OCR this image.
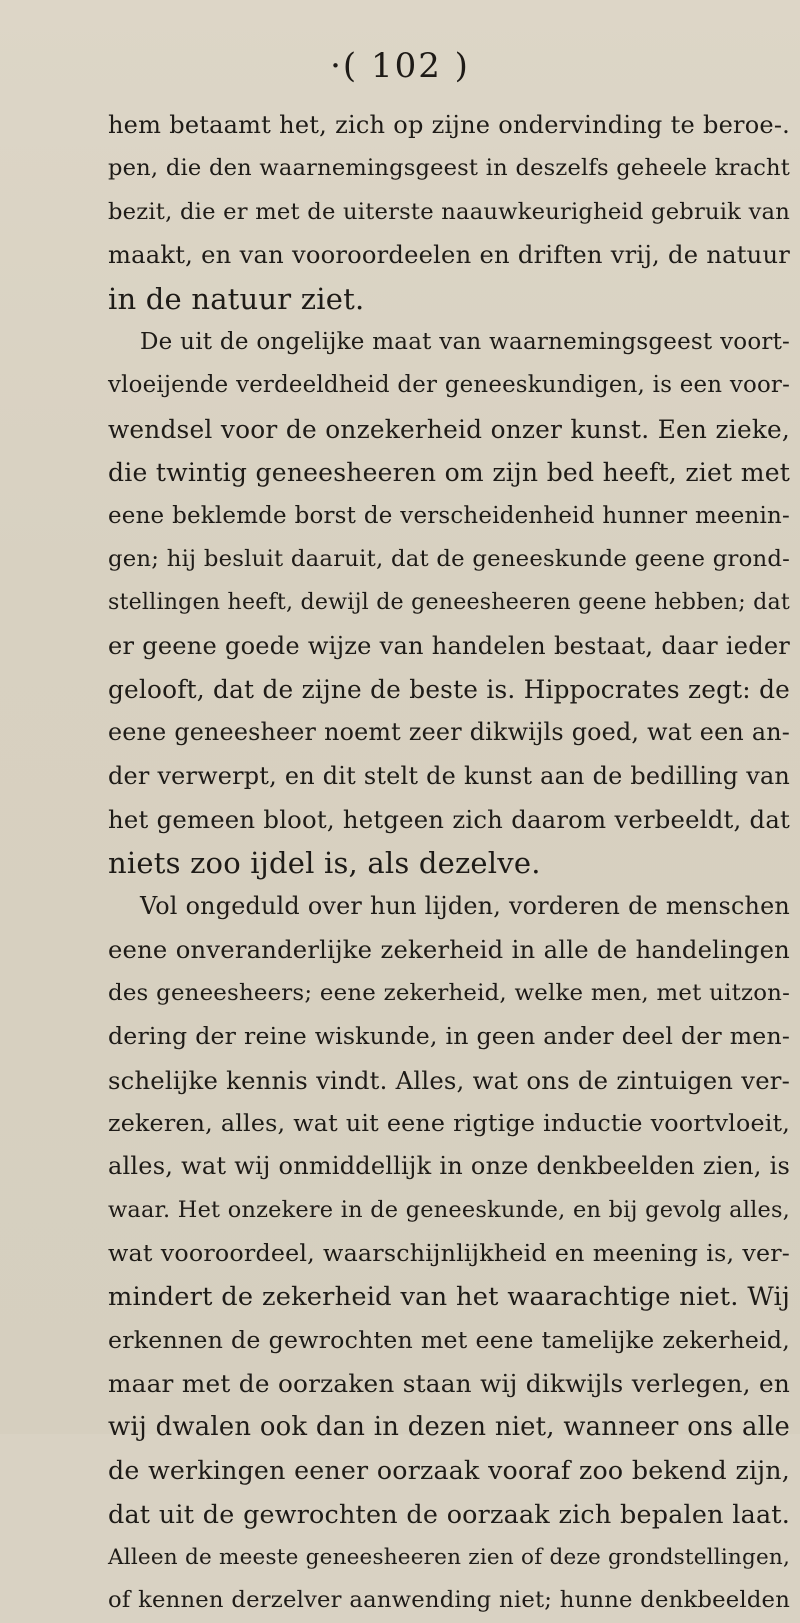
·( 102 )
hem betaamt het, zich op zijne ondervinding te beroe-.
pen, die den waarnemingsgeest in deszelfs geheele kracht
bezit, die er met de uiterste naauwkeurigheid gebruik van
maakt, en van vooroordeelen en driften vrij, de natuur
in de natuur ziet.
De uit de ongelijke maat van waarnemingsgeest voort-
vloeijende verdeeldheid der geneeskundigen, is een voor-
wendsel voor de onzekerheid onzer kunst. Een zieke,
die twintig geneesheeren om zijn bed heeft, ziet met
eene beklemde borst de verscheidenheid hunner meenin-
gen; hij besluit daaruit, dat de geneeskunde geene grond-
stellingen heeft, dewijl de geneesheeren geene hebben; dat
er geene goede wijze van handelen bestaat, daar ieder
gelooft, dat de zijne de beste is. Hippocrates zegt: de
eene geneesheer noemt zeer dikwijls goed, wat een an-
der verwerpt, en dit stelt de kunst aan de bedilling van
het gemeen bloot, hetgeen zich daarom verbeeldt, dat
niets zoo ijdel is, als dezelve.
Vol ongeduld over hun lijden, vorderen de menschen
eene onveranderlijke zekerheid in alle de handelingen
des geneesheers; eene zekerheid, welke men, met uitzon-
dering der reine wiskunde, in geen ander deel der men-
schelijke kennis vindt. Alles, wat ons de zintuigen ver-
zekeren, alles, wat uit eene rigtige inductie voortvloeit,
alles, wat wij onmiddellijk in onze denkbeelden zien, is
waar. Het onzekere in de geneeskunde, en bij gevolg alles,
wat vooroordeel, waarschijnlijkheid en meening is, ver-
mindert de zekerheid van het waarachtige niet. Wij
erkennen de gewrochten met eene tamelijke zekerheid,
maar met de oorzaken staan wij dikwijls verlegen, en
wij dwalen ook dan in dezen niet, wanneer ons alle
de werkingen eener oorzaak vooraf zoo bekend zijn,
dat uit de gewrochten de oorzaak zich bepalen laat.
Alleen de meeste geneesheeren zien of deze grondstellingen,
of kennen derzelver aanwending niet; hunne denkbeelden
